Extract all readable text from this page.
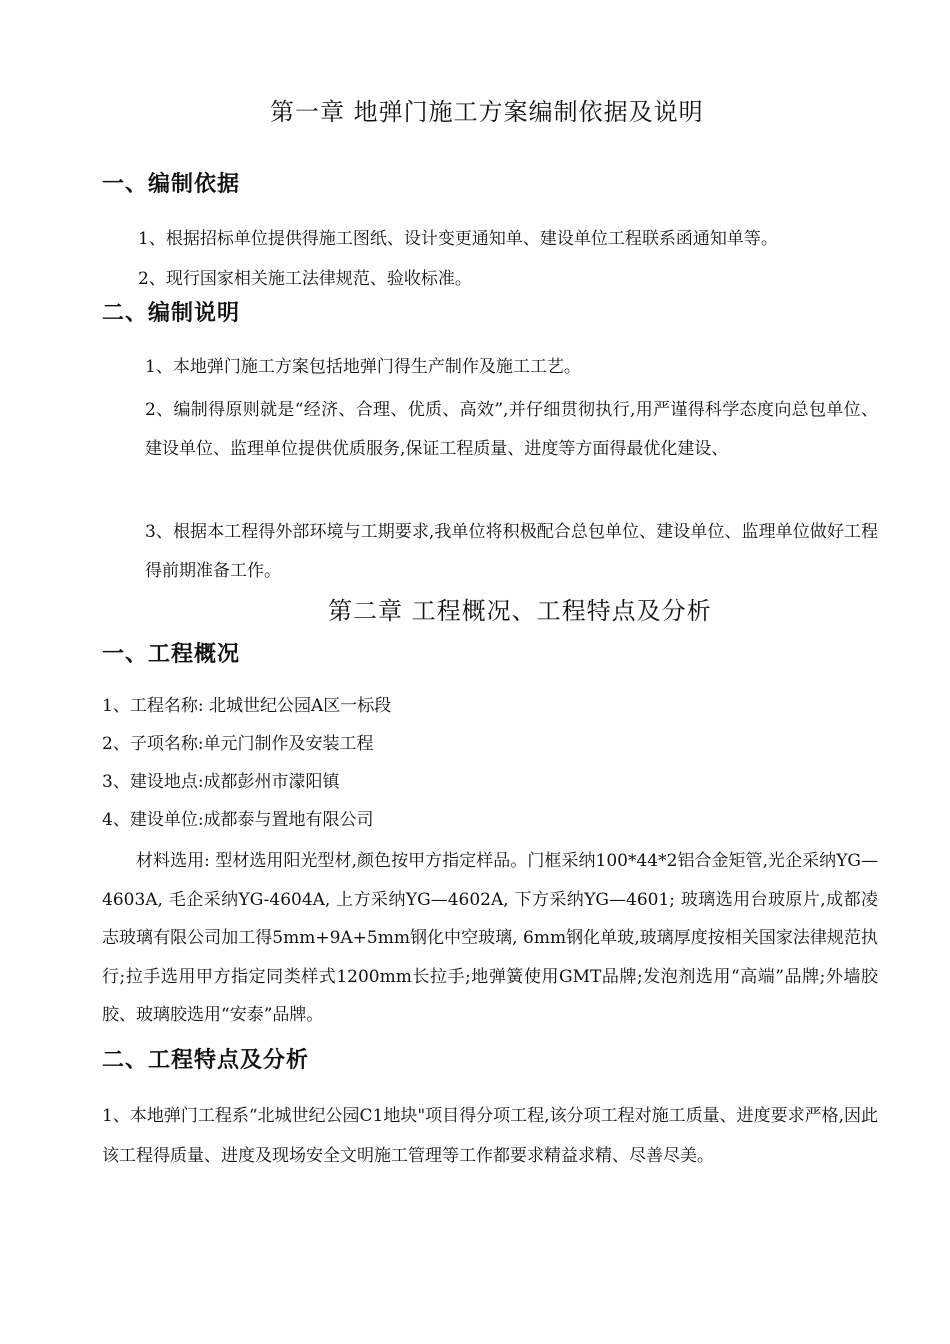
第一章 地弹门施工方案编制依据及说明
一、编制依据
1、根据招标单位提供得施工图纸、设计变更通知单、建设单位工程联系函通知单等。
2、现行国家相关施工法律规范、验收标准。
二、编制说明
1、本地弹门施工方案包括地弹门得生产制作及施工工艺。
2、编制得原则就是“经济、合理、优质、高效”,并仔细贯彻执行,用严谨得科学态度向总包单位、建设单位、监理单位提供优质服务,保证工程质量、进度等方面得最优化建设、
3、根据本工程得外部环境与工期要求,我单位将积极配合总包单位、建设单位、监理单位做好工程得前期准备工作。
第二章 工程概况、工程特点及分析
一、工程概况
1、工程名称: 北城世纪公园A区一标段
2、子项名称:单元门制作及安装工程
3、建设地点:成都彭州市濛阳镇
4、建设单位:成都泰与置地有限公司
材料选用: 型材选用阳光型材,颜色按甲方指定样品。门框采纳100*44*2铝合金矩管,光企采纳YG—4603A, 毛企采纳YG-4604A, 上方采纳YG—4602A, 下方采纳YG—4601; 玻璃选用台玻原片,成都凌志玻璃有限公司加工得5mm+9A+5mm钢化中空玻璃, 6mm钢化单玻,玻璃厚度按相关国家法律规范执行;拉手选用甲方指定同类样式1200mm长拉手;地弹簧使用GMT品牌;发泡剂选用“高端”品牌;外墙胶胶、玻璃胶选用“安泰”品牌。
二、工程特点及分析
1、本地弹门工程系“北城世纪公园C1地块"项目得分项工程,该分项工程对施工质量、进度要求严格,因此该工程得质量、进度及现场安全文明施工管理等工作都要求精益求精、尽善尽美。
